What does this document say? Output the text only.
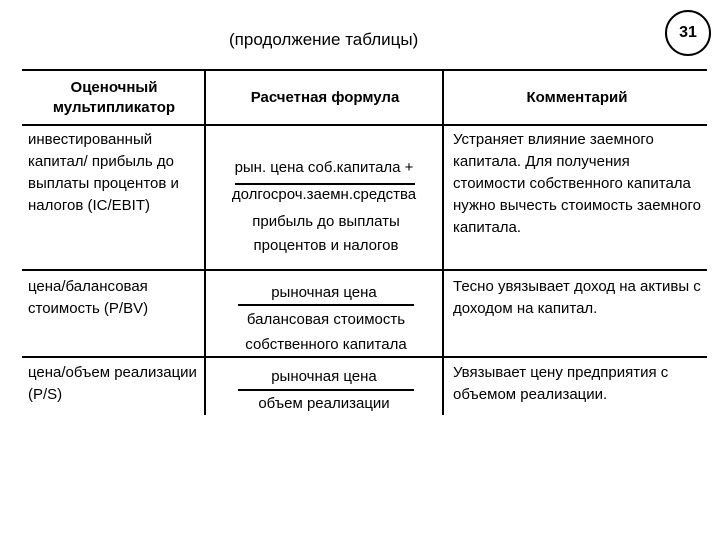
(продолжение таблицы)	31
Оценочный мультипликатор
Расчетная формула	Комментарий
инвестированный капитал/ прибыль до выплаты процентов и налогов (IC/EBIT)
рын. цена соб.капитала +
долгосроч.заемн.средства
прибыль до выплаты процентов и налогов
Устраняет влияние заемного капитала. Для получения стоимости собственного капитала нужно вычесть стоимость заемного капитала.
цена/балансовая стоимость (P/BV)
рыночная цена
балансовая стоимость собственного капитала
Тесно увязывает доход на активы с доходом на капитал.
цена/объем реализации (P/S)
рыночная цена
объем реализации
Увязывает цену предприятия с объемом реализации.
